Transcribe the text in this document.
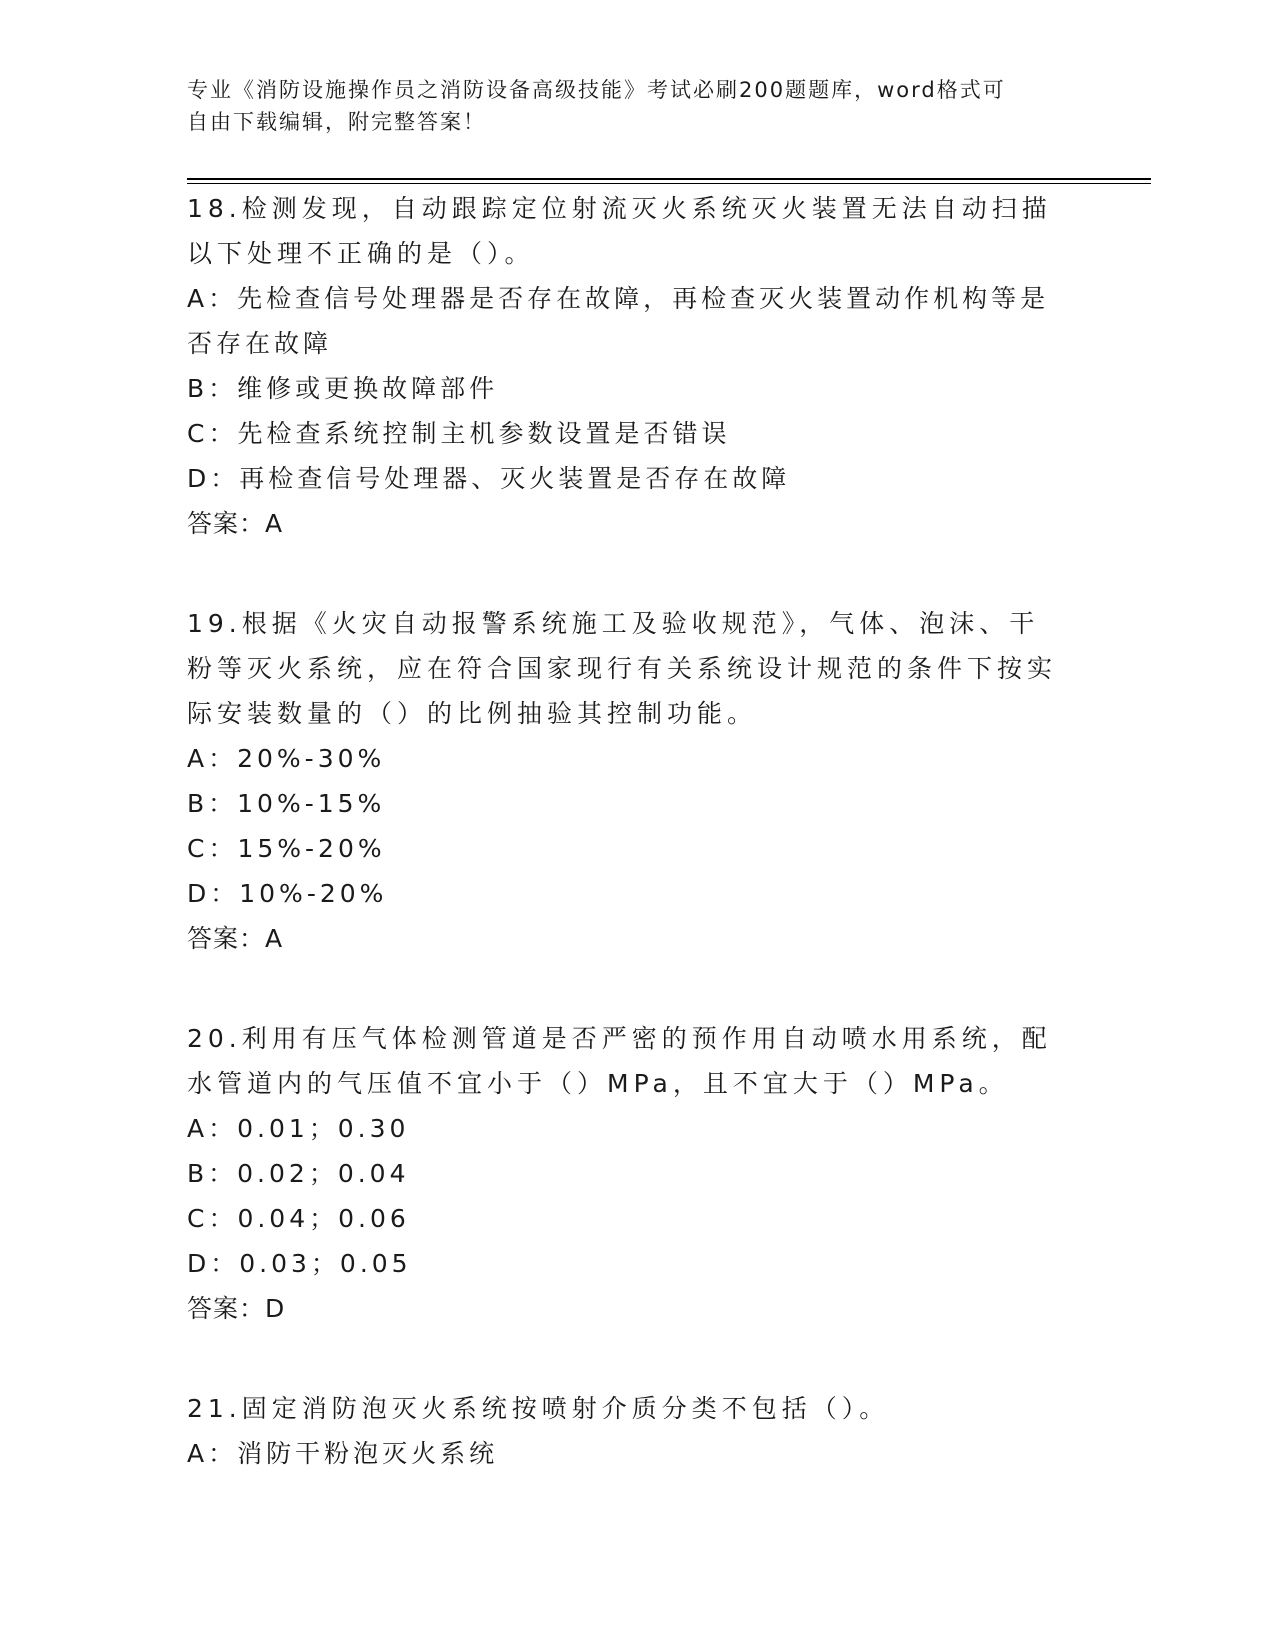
专业《消防设施操作员之消防设备高级技能》考试必刷200题题库，word格式可
自由下载编辑，附完整答案！
18.检测发现，自动跟踪定位射流灭火系统灭火装置无法自动扫描以下处理不正确的是（）。
A：先检查信号处理器是否存在故障，再检查灭火装置动作机构等是否存在故障
B：维修或更换故障部件
C：先检查系统控制主机参数设置是否错误
D：再检查信号处理器、灭火装置是否存在故障
答案：A
19.根据《火灾自动报警系统施工及验收规范》，气体、泡沫、干粉等灭火系统，应在符合国家现行有关系统设计规范的条件下按实际安装数量的（）的比例抽验其控制功能。
A：20%-30%
B：10%-15%
C：15%-20%
D：10%-20%
答案：A
20.利用有压气体检测管道是否严密的预作用自动喷水用系统，配水管道内的气压值不宜小于（）MPa，且不宜大于（）MPa。
A：0.01；0.30
B：0.02；0.04
C：0.04；0.06
D：0.03；0.05
答案：D
21.固定消防泡灭火系统按喷射介质分类不包括（）。
A：消防干粉泡灭火系统
